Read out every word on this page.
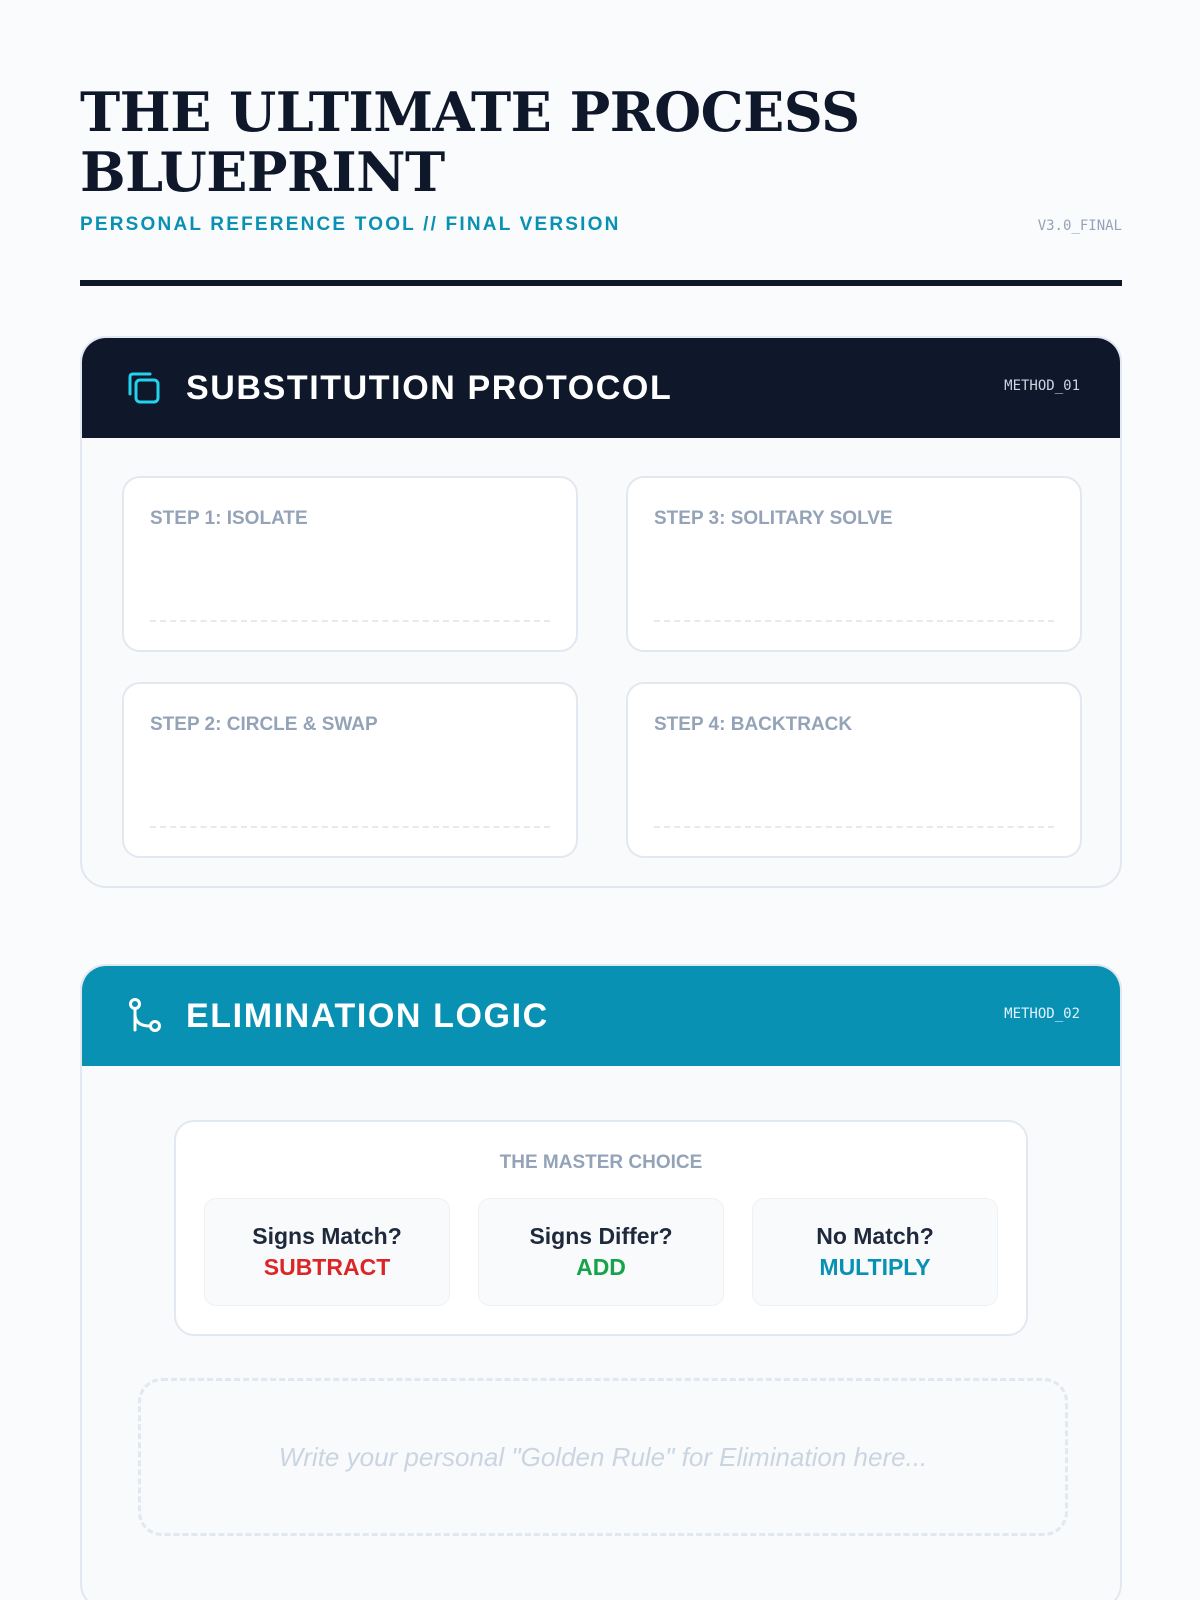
THE ULTIMATE PROCESS BLUEPRINT
PERSONAL REFERENCE TOOL // FINAL VERSION	V3.0_FINAL
SUBSTITUTION PROTOCOL	METHOD_01
STEP 1: ISOLATE	STEP 3: SOLITARY SOLVE
STEP 2: CIRCLE & SWAP	STEP 4: BACKTRACK
ELIMINATION LOGIC	METHOD_02
THE MASTER CHOICE
Signs Match?
SUBTRACT
Signs Differ?
ADD
No Match?
MULTIPLY
Write your personal "Golden Rule" for Elimination here...
